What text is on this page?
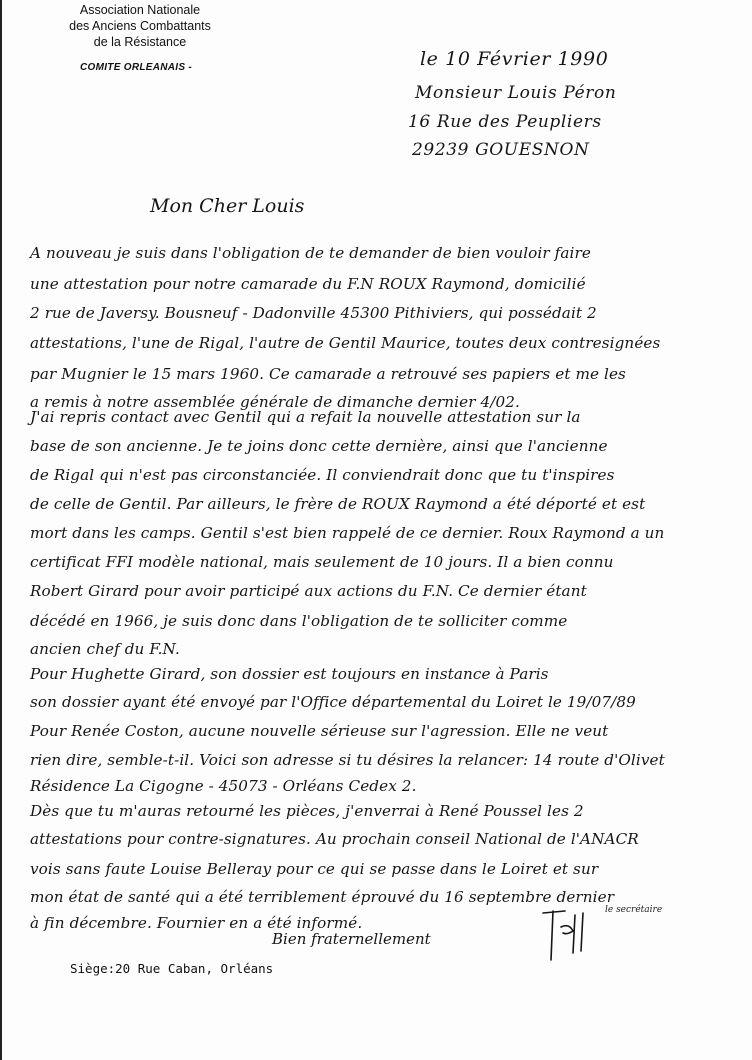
Association Nationale
des Anciens Combattants
de la Résistance
COMITE ORLEANAIS -	le 10 Février 1990
Monsieur Louis Péron
16 Rue des Peupliers
29239 GOUESNON
Mon Cher Louis
A nouveau je suis dans l'obligation de te demander de bien vouloir faire
une attestation pour notre camarade du F.N ROUX Raymond, domicilié
2 rue de Javersy. Bousneuf - Dadonville 45300 Pithiviers, qui possédait 2
attestations, l'une de Rigal, l'autre de Gentil Maurice, toutes deux contresignées
par Mugnier le 15 mars 1960. Ce camarade a retrouvé ses papiers et me les
a remis à notre assemblée générale de dimanche dernier 4/02.
J'ai repris contact avec Gentil qui a refait la nouvelle attestation sur la
base de son ancienne. Je te joins donc cette dernière, ainsi que l'ancienne
de Rigal qui n'est pas circonstanciée. Il conviendrait donc que tu t'inspires
de celle de Gentil. Par ailleurs, le frère de ROUX Raymond a été déporté et est
mort dans les camps. Gentil s'est bien rappelé de ce dernier. Roux Raymond a un
certificat FFI modèle national, mais seulement de 10 jours. Il a bien connu
Robert Girard pour avoir participé aux actions du F.N. Ce dernier étant
décédé en 1966, je suis donc dans l'obligation de te solliciter comme
ancien chef du F.N.
Pour Hughette Girard, son dossier est toujours en instance à Paris
son dossier ayant été envoyé par l'Office départemental du Loiret le 19/07/89
Pour Renée Coston, aucune nouvelle sérieuse sur l'agression. Elle ne veut
rien dire, semble-t-il. Voici son adresse si tu désires la relancer: 14 route d'Olivet
Résidence La Cigogne - 45073 - Orléans Cedex 2.
Dès que tu m'auras retourné les pièces, j'enverrai à René Poussel les 2
attestations pour contre-signatures. Au prochain conseil National de l'ANACR
vois sans faute Louise Belleray pour ce qui se passe dans le Loiret et sur
mon état de santé qui a été terriblement éprouvé du 16 septembre dernier
à fin décembre. Fournier en a été informé.
Bien fraternellement
le secrétaire
Siège:20 Rue Caban, Orléans
